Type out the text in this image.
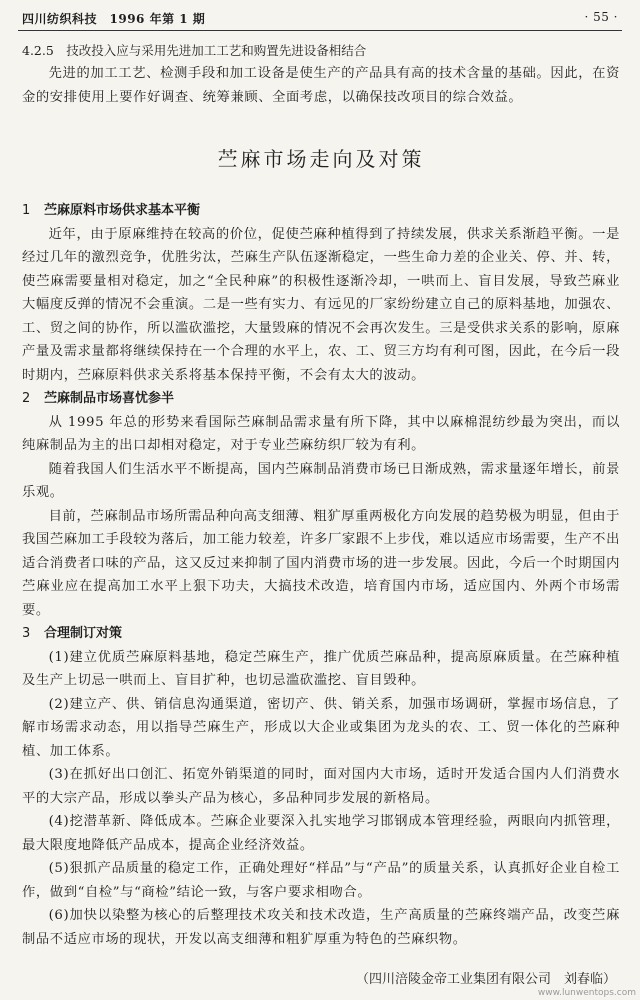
四川纺织科技　1996 年第 1 期	· 55 ·
4.2.5　技改投入应与采用先进加工工艺和购置先进设备相结合

先进的加工工艺、检测手段和加工设备是使生产的产品具有高的技术含量的基础。因此，在资金的安排使用上要作好调查、统筹兼顾、全面考虑，以确保技改项目的综合效益。

苎麻市场走向及对策
1 苎麻原料市场供求基本平衡

近年，由于原麻维持在较高的价位，促使苎麻种植得到了持续发展，供求关系渐趋平衡。一是经过几年的激烈竞争，优胜劣汰，苎麻生产队伍逐渐稳定，一些生命力差的企业关、停、并、转，使苎麻需要量相对稳定，加之“全民种麻”的积极性逐渐冷却，一哄而上、盲目发展，导致苎麻业大幅度反弹的情况不会重演。二是一些有实力、有远见的厂家纷纷建立自己的原料基地，加强农、工、贸之间的协作，所以滥砍滥挖，大量毁麻的情况不会再次发生。三是受供求关系的影响，原麻产量及需求量都将继续保持在一个合理的水平上，农、工、贸三方均有利可图，因此，在今后一段时期内，苎麻原料供求关系将基本保持平衡，不会有太大的波动。

2 苎麻制品市场喜忧参半

从 1995 年总的形势来看国际苎麻制品需求量有所下降，其中以麻棉混纺纱最为突出，而以纯麻制品为主的出口却相对稳定，对于专业苎麻纺织厂较为有利。

随着我国人们生活水平不断提高，国内苎麻制品消费市场已日渐成熟，需求量逐年增长，前景乐观。

目前，苎麻制品市场所需品种向高支细薄、粗犷厚重两极化方向发展的趋势极为明显，但由于我国苎麻加工手段较为落后，加工能力较差，许多厂家跟不上步伐，难以适应市场需要，生产不出适合消费者口味的产品，这又反过来抑制了国内消费市场的进一步发展。因此，今后一个时期国内苎麻业应在提高加工水平上狠下功夫，大搞技术改造，培育国内市场，适应国内、外两个市场需要。

3 合理制订对策

(1)建立优质苎麻原料基地，稳定苎麻生产，推广优质苎麻品种，提高原麻质量。在苎麻种植及生产上切忌一哄而上、盲目扩种，也切忌滥砍滥挖、盲目毁种。

(2)建立产、供、销信息沟通渠道，密切产、供、销关系，加强市场调研，掌握市场信息，了解市场需求动态，用以指导苎麻生产，形成以大企业或集团为龙头的农、工、贸一体化的苎麻种植、加工体系。

(3)在抓好出口创汇、拓宽外销渠道的同时，面对国内大市场，适时开发适合国内人们消费水平的大宗产品，形成以拳头产品为核心，多品种同步发展的新格局。

(4)挖潜革新、降低成本。苎麻企业要深入扎实地学习邯钢成本管理经验，两眼向内抓管理，最大限度地降低产品成本，提高企业经济效益。

(5)狠抓产品质量的稳定工作，正确处理好“样品”与“产品”的质量关系，认真抓好企业自检工作，做到“自检”与“商检”结论一致，与客户要求相吻合。

(6)加快以染整为核心的后整理技术攻关和技术改造，生产高质量的苎麻终端产品，改变苎麻制品不适应市场的现状，开发以高支细薄和粗犷厚重为特色的苎麻织物。

（四川涪陵金帝工业集团有限公司　刘春临）
www.lunwentops.com
